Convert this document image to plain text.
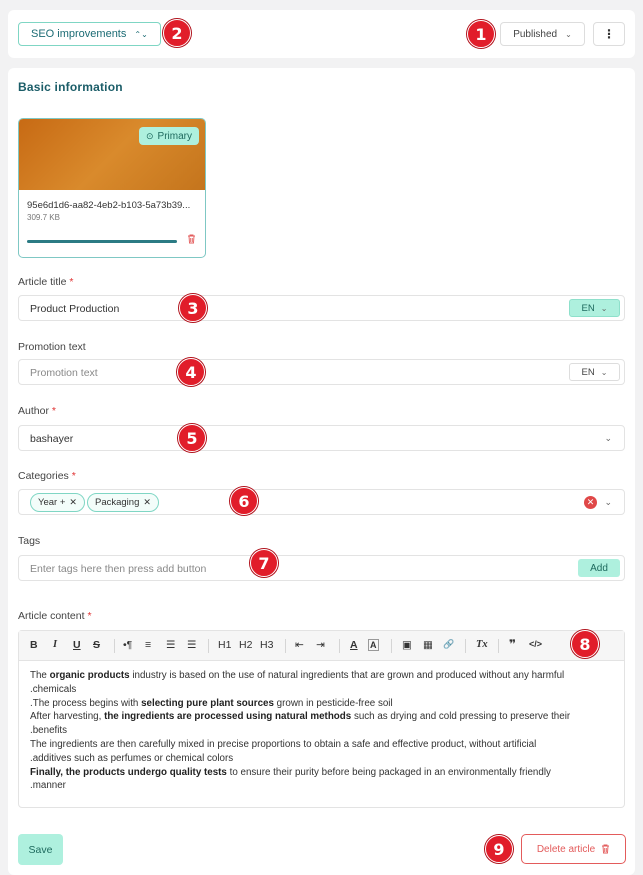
SEO improvements ⌃⌄	Published ⌄	⋮
Basic information
⊙ Primary
95e6d1d6-aa82-4eb2-b103-5a73b39...
309.7 KB
Article title *
Product Production	EN ⌄
Promotion text
Promotion text	EN ⌄
Author *
bashayer	⌄
Categories *
Year + ✕ Packaging ✕	✕	⌄
Tags
Enter tags here then press add button	Add
Article content *
B I U S •¶ ≡ ☰ ☰ H1 H2 H3 ⇤ ⇥ A A ▣ ▦ 🔗 Tx ❞ </>

The organic products industry is based on the use of natural ingredients that are grown and produced without any harmful

.chemicals

.The process begins with selecting pure plant sources grown in pesticide-free soil

After harvesting, the ingredients are processed using natural methods such as drying and cold pressing to preserve their

.benefits

The ingredients are then carefully mixed in precise proportions to obtain a safe and effective product, without artificial

.additives such as perfumes or chemical colors

Finally, the products undergo quality tests to ensure their purity before being packaged in an environmentally friendly

.manner

Save	Delete article
1
2
3
4
5
6
7
8
9
